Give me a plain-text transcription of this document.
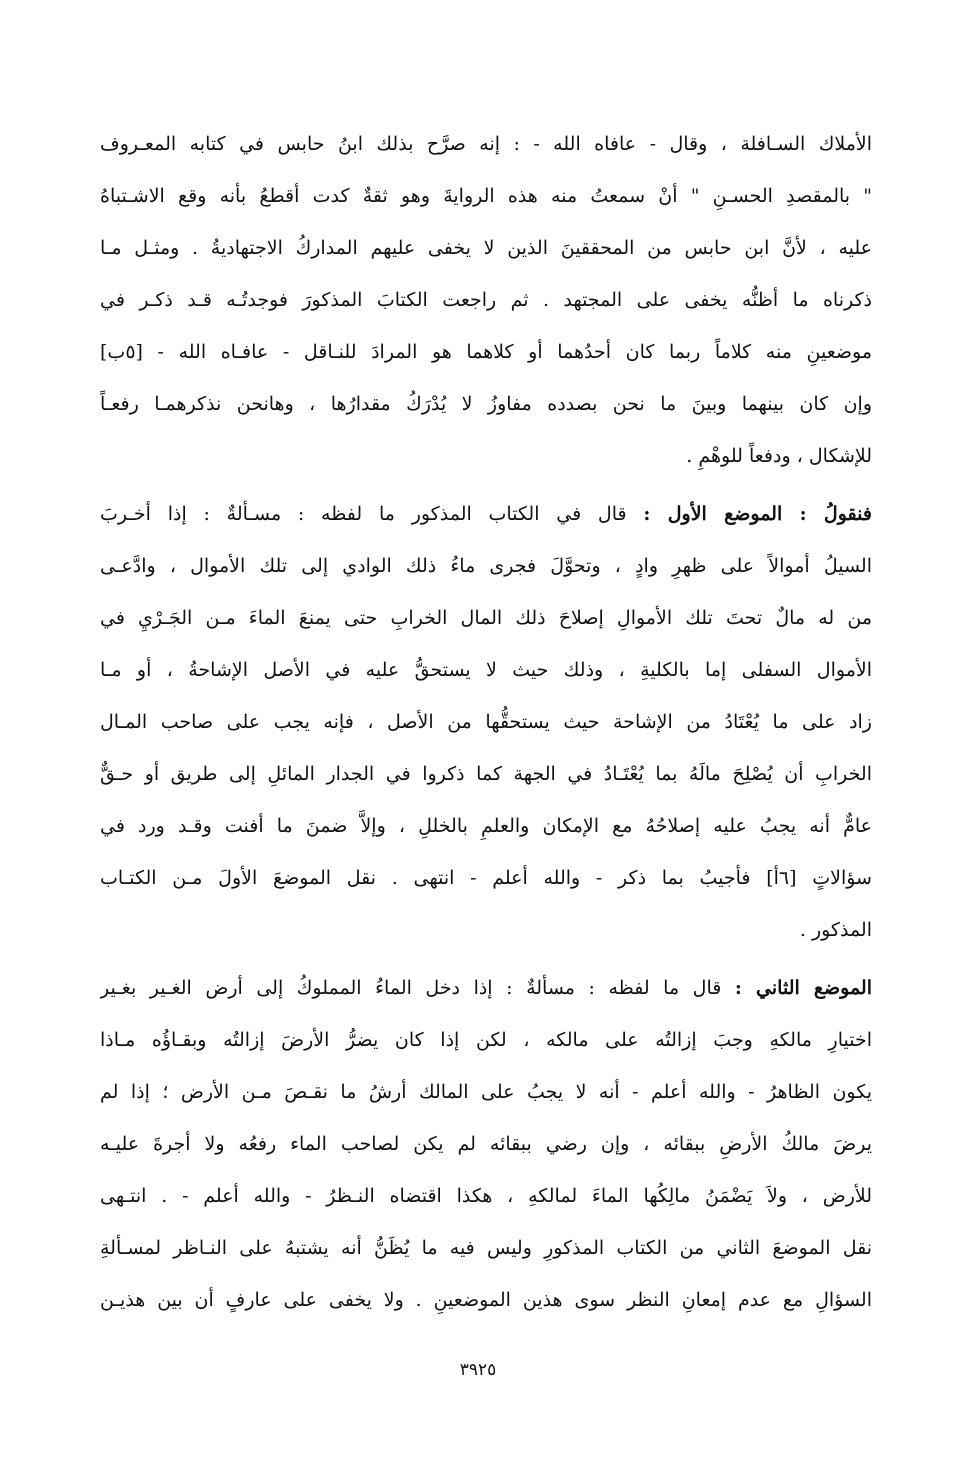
الأملاك السـافلة ، وقال - عافاه الله - : إنه صرَّح بذلك ابنُ حابس في كتابه المعـروف
" بالمقصدِ الحسـنِ " أنْ سمعتُ منه هذه الروايةَ وهو ثقةٌ كدت أقطعُ بأنه وقع الاشـتباهُ
عليه ، لأنَّ ابن حابس من المحققينَ الذين لا يخفى عليهم المداركُ الاجتهاديةُ . ومثـل مـا
ذكرناه ما أظنُّه يخفى على المجتهد . ثم راجعت الكتابَ المذكورَ فوجدتُـه قـد ذكـر في
موضعينِ منه كلاماً ربما كان أحدُهما أو كلاهما هو المرادَ للنـاقل - عافـاه الله - [٥ب]
وإن كان بينهما وبينَ ما نحن بصدده مفاوزُ لا يُدْرَكُ مقدارُها ، وهانحن نذكرهمـا رفعـاً
للإشكال ، ودفعاً للوهْمِ .
فنقولُ : الموضع الأول : قال في الكتاب المذكور ما لفظه : مسـألةٌ : إذا أخـربَ
السيلُ أموالاً على ظهرِ وادٍ ، وتحوَّلَ فجرى ماءُ ذلك الوادي إلى تلك الأموال ، وادَّعـى
من له مالٌ تحتَ تلك الأموالِ إصلاحَ ذلك المال الخرابِ حتى يمنعَ الماءَ مـن الجَـرْيِ في
الأموال السفلى إما بالكليةِ ، وذلك حيث لا يستحقُّ عليه في الأصل الإشاحةُ ، أو مـا
زاد على ما يُعْتَادُ من الإشاحة حيث يستحقُّها من الأصل ، فإنه يجب على صاحب المـال
الخرابِ أن يُصْلِحَ مالَهُ بما يُعْتَـادُ في الجهة كما ذكروا في الجدار المائلِ إلى طريق أو حـقٌّ
عامٌّ أنه يجبُ عليه إصلاحُهُ مع الإمكان والعلمِ بالخللِ ، وإلاَّ ضمنَ ما أفنت وقـد ورد في
سؤالاتٍ [٦أ] فأجيبُ بما ذكر - والله أعلم - انتهى . نقل الموضعَ الأولَ مـن الكتـاب
المذكور .
الموضع الثاني : قال ما لفظه : مسألةٌ : إذا دخل الماءُ المملوكُ إلى أرض الغـير بغـير
اختيارِ مالكهِ وجبَ إزالتُه على مالكه ، لكن إذا كان يضرُّ الأرضَ إزالتُه وبقـاؤُه مـاذا
يكون الظاهرُ - والله أعلم - أنه لا يجبُ على المالك أرشُ ما نقـصَ مـن الأرض ؛ إذا لم
يرضَ مالكُ الأرضِ ببقائه ، وإن رضي ببقائه لم يكن لصاحب الماء رفعُه ولا أجرةَ عليـه
للأرض ، ولاَ يَضْمَنُ مالِكُها الماءَ لمالكهِ ، هكذا اقتضاه النـظرُ - والله أعلم - . انتـهى
نقل الموضعَ الثاني من الكتاب المذكورِ وليس فيه ما يُظَنُّ أنه يشتبهُ على النـاظر لمسـألةِ
السؤالِ مع عدم إمعانِ النظر سوى هذين الموضعينِ . ولا يخفى على عارفٍ أن بين هذيـن
٣٩٢٥
